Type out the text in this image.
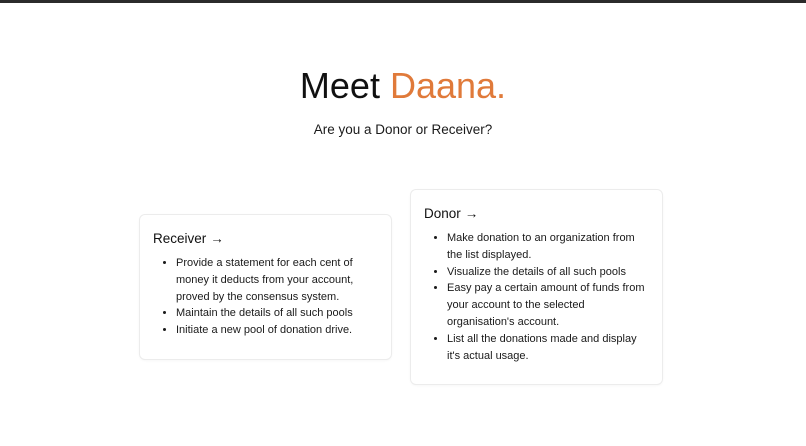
Meet Daana.
Are you a Donor or Receiver?
Receiver →
• Provide a statement for each cent of money it deducts from your account, proved by the consensus system.
• Maintain the details of all such pools
• Initiate a new pool of donation drive.
Donor →
• Make donation to an organization from the list displayed.
• Visualize the details of all such pools
• Easy pay a certain amount of funds from your account to the selected organisation's account.
• List all the donations made and display it's actual usage.
